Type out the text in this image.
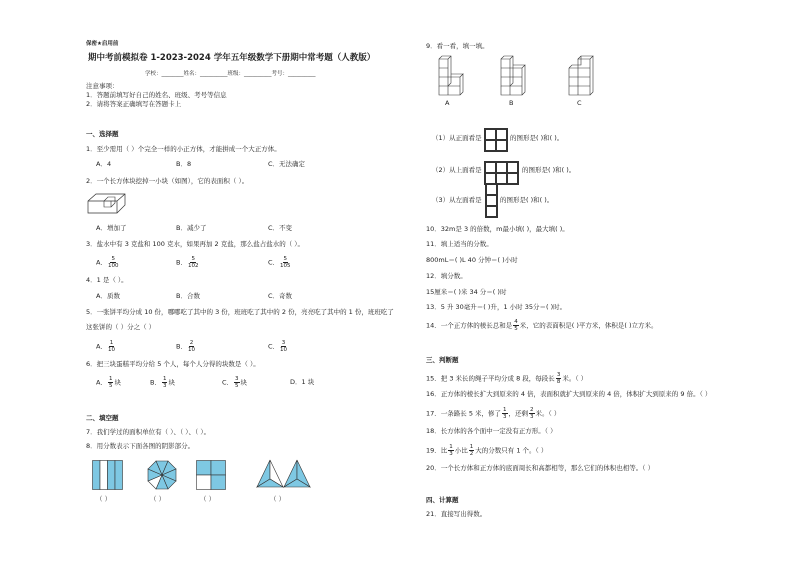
保密★启用前
期中考前模拟卷 1-2023-2024 学年五年级数学下册期中常考题（人教版）
学校：________姓名：__________班级：__________考号：__________
注意事项：
1．答题前填写好自己的姓名、班级、考号等信息
2．请将答案正确填写在答题卡上
一、选择题
1．至少需用（ ）个完全一样的小正方体，才能拼成一个大正方体。
A．4	B．8	C．无法确定
2．一个长方体块挖掉一小块（如图），它的表面积（ ）。
A．增加了	B．减少了	C．不变
3．盐水中有 3 克盐和 100 克水，如果再加 2 克盐，那么盐占盐水的（ ）。
A． $\frac{5}{100}$	B． $\frac{5}{102}$	C． $\frac{5}{105}$
4．1 是（ ）。
A．质数	B．合数	C．奇数
5．一张饼平均分成 10 份，哪哪吃了其中的 3 份，班班吃了其中的 2 份，亮亮吃了其中的 1 份，班班吃了
这张饼的（ ）分之（ ）
A． $\frac{1}{10}$	B． $\frac{2}{10}$	C． $\frac{3}{10}$
6．把三块蛋糕平均分给 5 个人，每个人分得的块数是（ ）。
A． $\frac{1}{5}$ 块	B． $\frac{1}{3}$ 块	C． $\frac{3}{5}$ 块	D．1 块
二、填空题
7．我们学过的面积单位有（ ）、（ ）、（ ）。
8．用分数表示下面各图的阴影部分。
（ ）	（ ）	（ ）	（ ）
9．看一看，填一填。
A	B	C
（1）从正面看是	的图形是( )和( )。
（2）从上面看是	的图形是( )和( )。
（3）从左面看是	的图形是( )和( )。
10．32m是 3 的倍数，m最小填( )，最大填( )。
11．填上适当的分数。
800mL＝( )L 40 分钟＝( )小时
12．填分数。
15厘米＝( )米 34 分＝( )时
13．5 升 30毫升＝( )升，1 小时 35分＝( )时。
14．一个正方体的棱长总和是 $\frac{4}{5}$ 米，它的表面积是( )平方米，体积是( )立方米。
三、判断题
15．把 3 米长的绳子平均分成 8 段，每段长 $\frac{3}{8}$ 米。（ ）
16．正方体的棱长扩大到原来的 4 倍，表面积就扩大到原来的 4 倍，体积扩大到原来的 9 倍。（ ）
17．一条路长 5 米，修了 $\frac{1}{3}$ ，还剩 $\frac{2}{3}$ 米。（ ）
18．长方体的各个面中一定没有正方形。（ ）
19．比 $\frac{1}{3}$ 小比 $\frac{1}{2}$ 大的分数只有 1 个。（ ）
20．一个长方体和正方体的底面周长和高都相等，那么它们的体积也相等。（ ）
四、计算题
21．直接写出得数。
